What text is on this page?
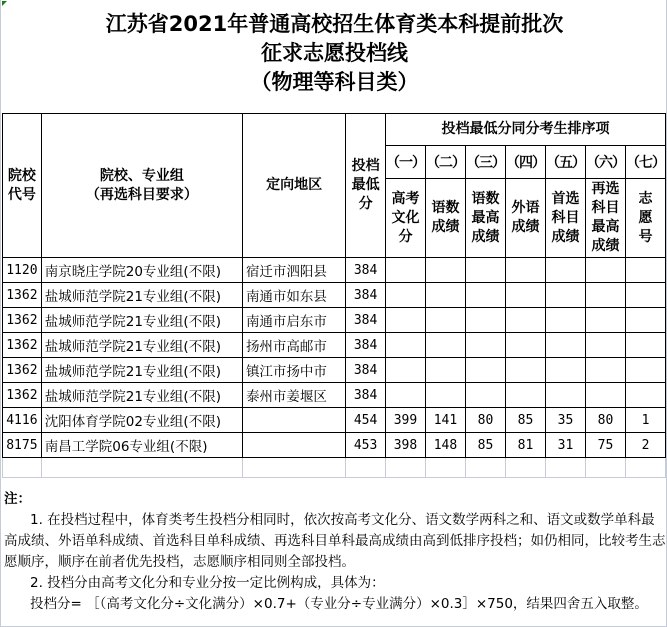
江苏省2021年普通高校招生体育类本科提前批次
征求志愿投档线
（物理等科目类）
院校代号	院校、专业组
（再选科目要求）	定向地区	投档最低分	投档最低分同分考生排序项						
				（一）	（二）	（三）	（四）	（五）	（六）	（七）
				高考文化分	语数成绩	语数最高成绩	外语成绩	首选科目成绩	再选科目最高成绩	志愿号
1120	南京晓庄学院20专业组(不限)	宿迁市泗阳县	384							
1362	盐城师范学院21专业组(不限)	南通市如东县	384							
1362	盐城师范学院21专业组(不限)	南通市启东市	384							
1362	盐城师范学院21专业组(不限)	扬州市高邮市	384							
1362	盐城师范学院21专业组(不限)	镇江市扬中市	384							
1362	盐城师范学院21专业组(不限)	泰州市姜堰区	384							
4116	沈阳体育学院02专业组(不限)		454	399	141	80	85	35	80	1
8175	南昌工学院06专业组(不限)		453	398	148	85	81	31	75	2

注：

1. 在投档过程中，体育类考生投档分相同时，依次按高考文化分、语文数学两科之和、语文或数学单科最高成绩、外语单科成绩、首选科目单科成绩、再选科目单科最高成绩由高到低排序投档；如仍相同，比较考生志愿顺序，顺序在前者优先投档，志愿顺序相同则全部投档。

2. 投档分由高考文化分和专业分按一定比例构成，具体为：

投档分= ［（高考文化分÷文化满分）×0.7+（专业分÷专业满分）×0.3］×750，结果四舍五入取整。
